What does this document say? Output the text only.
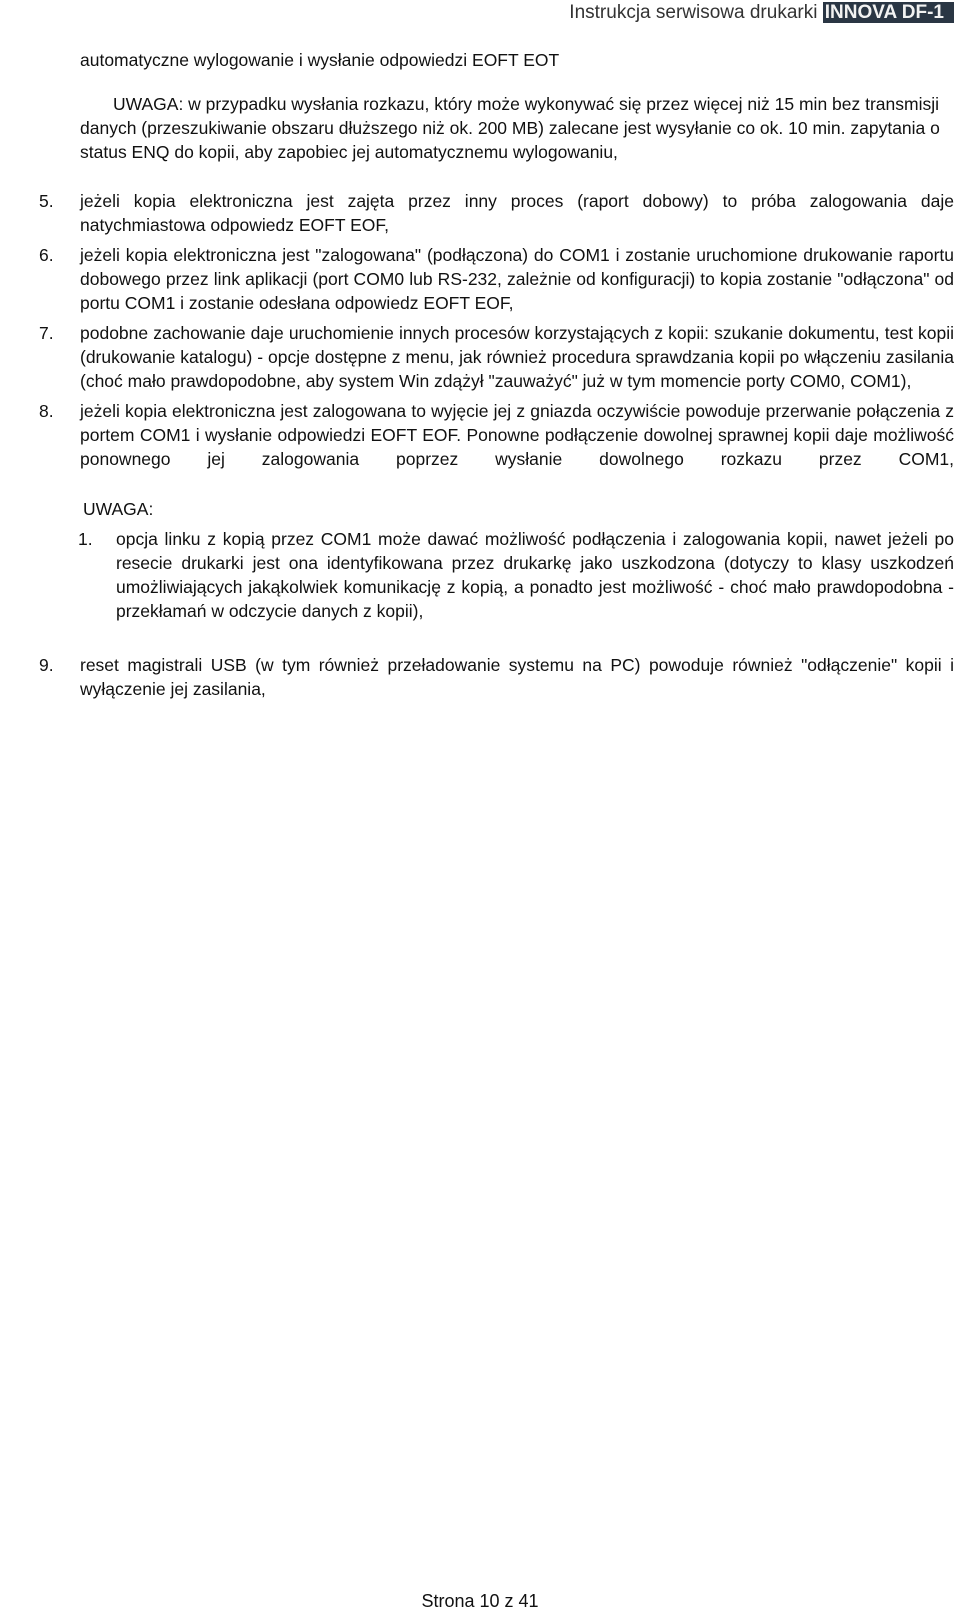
Instrukcja serwisowa drukarki INNOVA DF-1

automatyczne wylogowanie i wysłanie odpowiedzi EOFT EOT

UWAGA: w przypadku wysłania rozkazu, który może wykonywać się przez więcej niż 15 min bez transmisji danych (przeszukiwanie obszaru dłuższego niż ok. 200 MB) zalecane jest wysyłanie co ok. 10 min. zapytania o status ENQ do kopii, aby zapobiec jej automatycznemu wylogowaniu,

5. jeżeli kopia elektroniczna jest zajęta przez inny proces (raport dobowy) to próba zalogowania daje natychmiastowa odpowiedz EOFT EOF,
6. jeżeli kopia elektroniczna jest "zalogowana" (podłączona) do COM1 i zostanie uruchomione drukowanie raportu dobowego przez link aplikacji (port COM0 lub RS-232, zależnie od konfiguracji) to kopia zostanie "odłączona" od portu COM1 i zostanie odesłana odpowiedz EOFT EOF,
7. podobne zachowanie daje uruchomienie innych procesów korzystających z kopii: szukanie dokumentu, test kopii (drukowanie katalogu) - opcje dostępne z menu, jak również procedura sprawdzania kopii po włączeniu zasilania (choć mało prawdopodobne, aby system Win zdążył "zauważyć" już w tym momencie porty COM0, COM1),
8. jeżeli kopia elektroniczna jest zalogowana to wyjęcie jej z gniazda oczywiście powoduje przerwanie połączenia z portem COM1 i wysłanie odpowiedzi EOFT EOF. Ponowne podłączenie dowolnej sprawnej kopii daje możliwość ponownego jej zalogowania poprzez wysłanie dowolnego rozkazu przez COM1,

UWAGA:

1. opcja linku z kopią przez COM1 może dawać możliwość podłączenia i zalogowania kopii, nawet jeżeli po resecie drukarki jest ona identyfikowana przez drukarkę jako uszkodzona (dotyczy to klasy uszkodzeń umożliwiających jakąkolwiek komunikację z kopią, a ponadto jest możliwość - choć mało prawdopodobna - przekłamań w odczycie danych z kopii),
9. reset magistrali USB (w tym również przeładowanie systemu na PC) powoduje również "odłączenie" kopii i wyłączenie jej zasilania,
Strona 10 z 41
